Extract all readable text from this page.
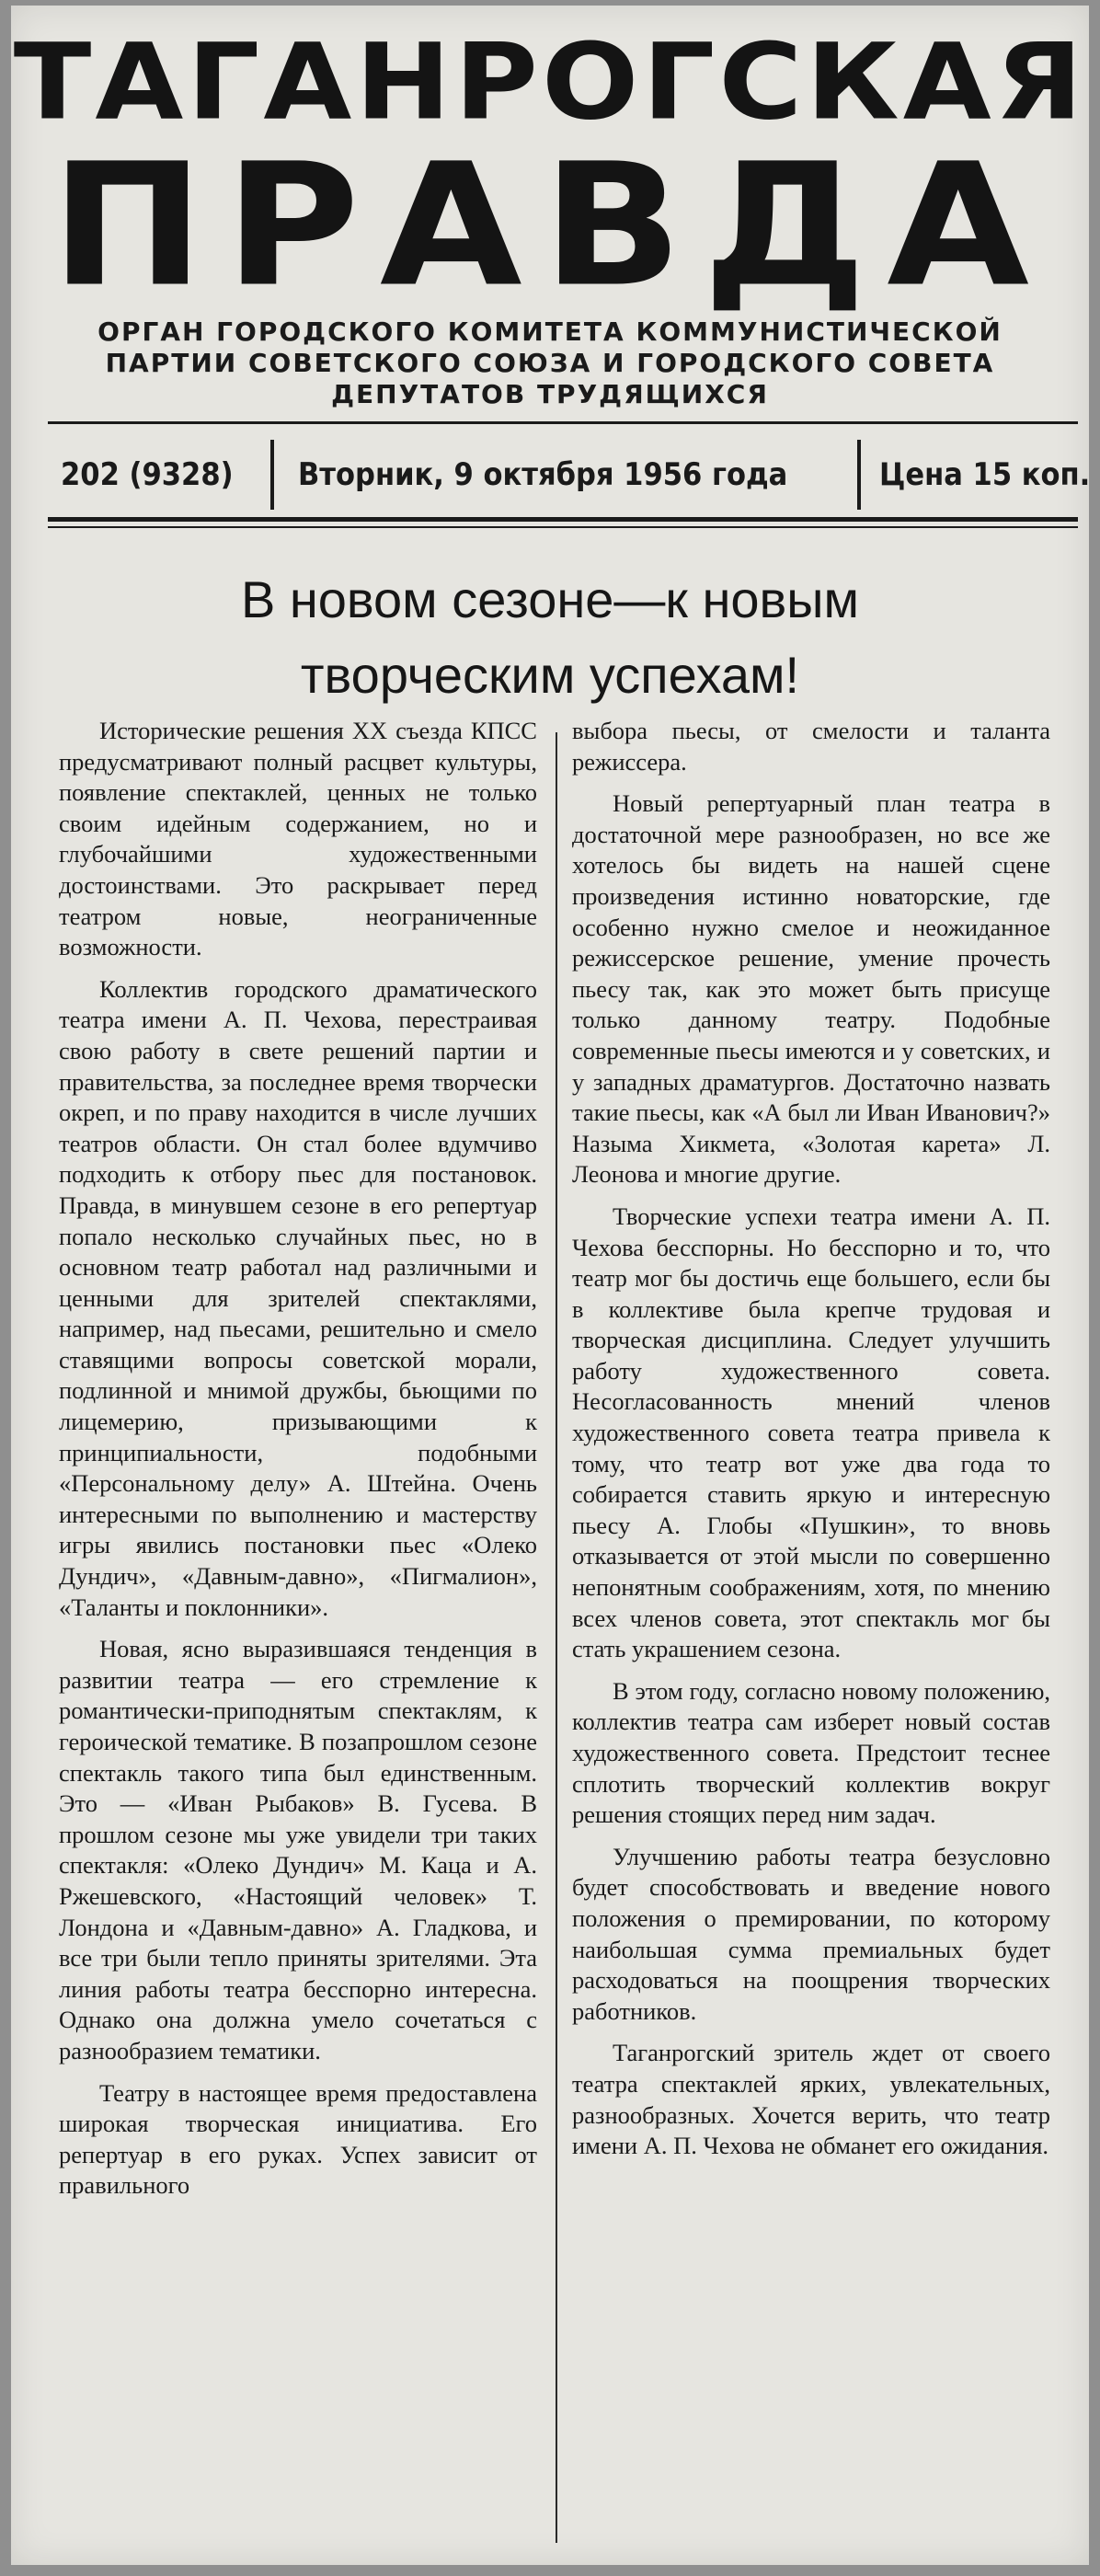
ТАГАНРОГСКАЯ
ПРАВДА
ОРГАН ГОРОДСКОГО КОМИТЕТА КОММУНИСТИЧЕСКОЙ
ПАРТИИ СОВЕТСКОГО СОЮЗА И ГОРОДСКОГО СОВЕТА
ДЕПУТАТОВ ТРУДЯЩИХСЯ
202 (9328) Вторник, 9 октября 1956 года	Цена 15 коп.
В новом сезоне—к новым
творческим успехам!

Исторические решения XX съезда КПСС предусматривают полный расцвет культуры, появление спектаклей, ценных не только своим идейным содержанием, но и глубочайшими художественными достоинствами. Это раскрывает перед театром новые, неограниченные возможности.

Коллектив городского драматического театра имени А. П. Чехова, перестраивая свою работу в свете решений партии и правительства, за последнее время творчески окреп, и по праву находится в числе лучших театров области. Он стал более вдумчиво подходить к отбору пьес для постановок. Правда, в минувшем сезоне в его репертуар попало несколько случайных пьес, но в основном театр работал над различными и ценными для зрителей спектаклями, например, над пьесами, решительно и смело ставящими вопросы советской морали, подлинной и мнимой дружбы, бьющими по лицемерию, призывающими к принципиальности, подобными «Персональному делу» А. Штейна. Очень интересными по выполнению и мастерству игры явились постановки пьес «Олеко Дундич», «Давным-давно», «Пигмалион», «Таланты и поклонники».

Новая, ясно выразившаяся тенденция в развитии театра — его стремление к романтически-приподнятым спектаклям, к героической тематике. В позапрошлом сезоне спектакль такого типа был единственным. Это — «Иван Рыбаков» В. Гусева. В прошлом сезоне мы уже увидели три таких спектакля: «Олеко Дундич» М. Каца и А. Ржешевского, «Настоящий человек» Т. Лондона и «Давным-давно» А. Гладкова, и все три были тепло приняты зрителями. Эта линия работы театра бесспорно интересна. Однако она должна умело сочетаться с разнообразием тематики.

Театру в настоящее время предоставлена широкая творческая инициатива. Его репертуар в его руках. Успех зависит от правильного

выбора пьесы, от смелости и таланта режиссера.

Новый репертуарный план театра в достаточной мере разнообразен, но все же хотелось бы видеть на нашей сцене произведения истинно новаторские, где особенно нужно смелое и неожиданное режиссерское решение, умение прочесть пьесу так, как это может быть присуще только данному театру. Подобные современные пьесы имеются и у советских, и у западных драматургов. Достаточно назвать такие пьесы, как «А был ли Иван Иванович?» Назыма Хикмета, «Золотая карета» Л. Леонова и многие другие.

Творческие успехи театра имени А. П. Чехова бесспорны. Но бесспорно и то, что театр мог бы достичь еще большего, если бы в коллективе была крепче трудовая и творческая дисциплина. Следует улучшить работу художественного совета. Несогласованность мнений членов художественного совета театра привела к тому, что театр вот уже два года то собирается ставить яркую и интересную пьесу А. Глобы «Пушкин», то вновь отказывается от этой мысли по совершенно непонятным соображениям, хотя, по мнению всех членов совета, этот спектакль мог бы стать украшением сезона.

В этом году, согласно новому положению, коллектив театра сам изберет новый состав художественного совета. Предстоит теснее сплотить творческий коллектив вокруг решения стоящих перед ним задач.

Улучшению работы театра безусловно будет способствовать и введение нового положения о премировании, по которому наибольшая сумма премиальных будет расходоваться на поощрения творческих работников.

Таганрогский зритель ждет от своего театра спектаклей ярких, увлекательных, разнообразных. Хочется верить, что театр имени А. П. Чехова не обманет его ожидания.
